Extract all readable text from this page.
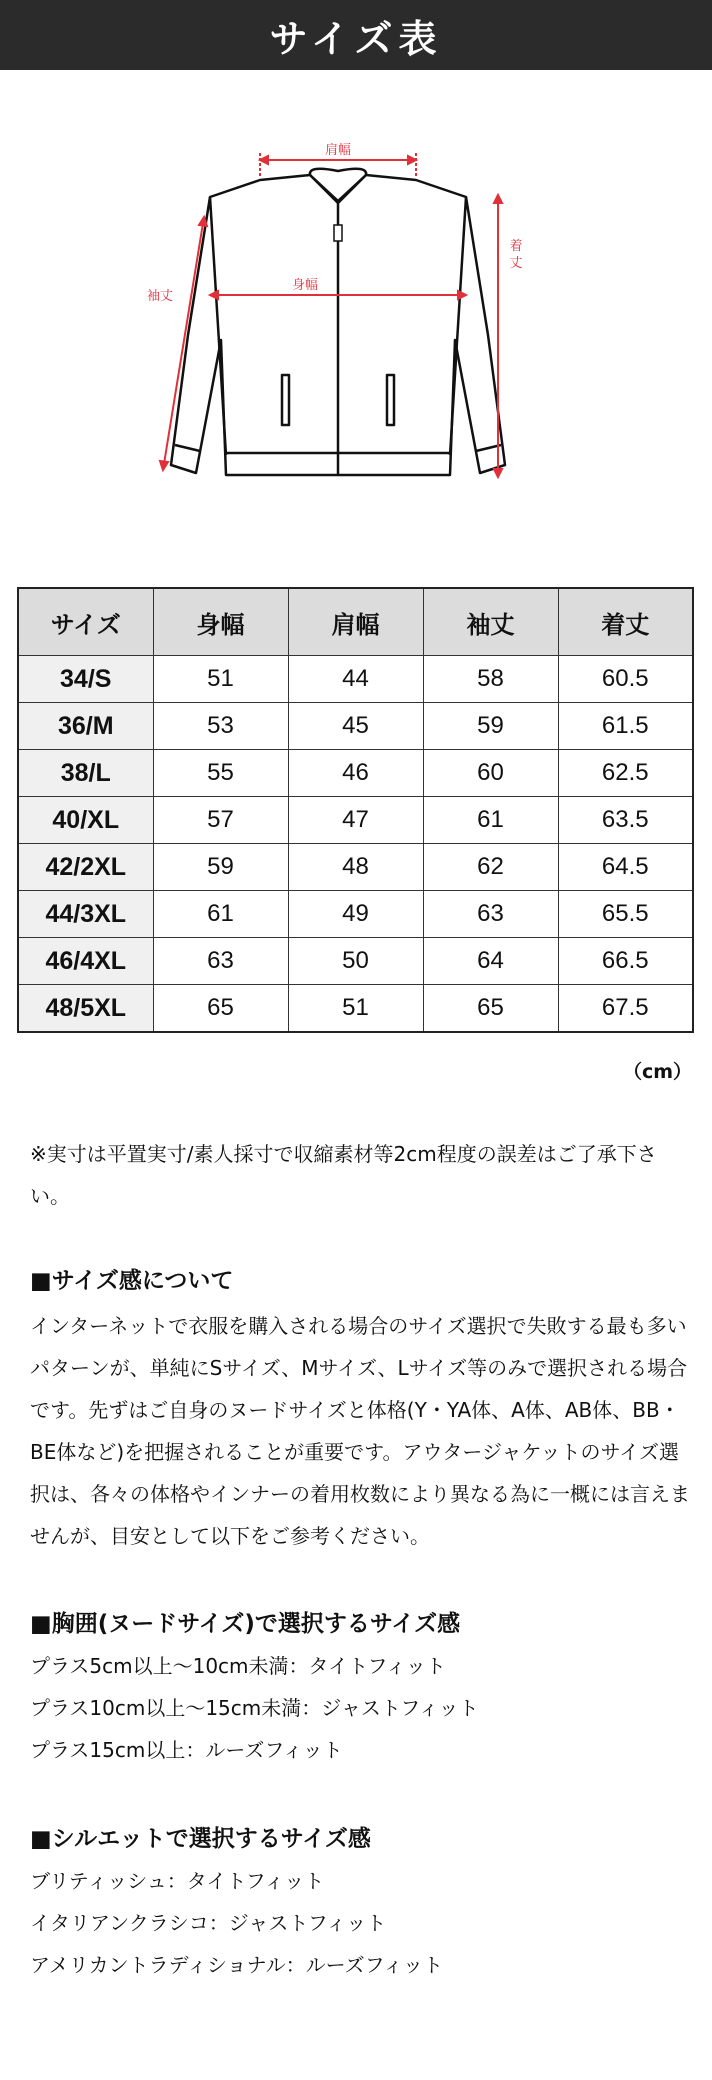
サイズ表
肩幅
身幅
袖丈
着丈
サイズ	身幅	肩幅	袖丈	着丈
34/S	51	44	58	60.5
36/M	53	45	59	61.5
38/L	55	46	60	62.5
40/XL	57	47	61	63.5
42/2XL	59	48	62	64.5
44/3XL	61	49	63	65.5
46/4XL	63	50	64	66.5
48/5XL	65	51	65	67.5
（cm）
※実寸は平置実寸/素人採寸で収縮素材等2cm程度の誤差はご了承下さい。
■サイズ感について
インターネットで衣服を購入される場合のサイズ選択で失敗する最も多いパターンが、単純にSサイズ、Mサイズ、Lサイズ等のみで選択される場合です。先ずはご自身のヌードサイズと体格(Y・YA体、A体、AB体、BB・BE体など)を把握されることが重要です。アウタージャケットのサイズ選択は、各々の体格やインナーの着用枚数により異なる為に一概には言えませんが、目安として以下をご参考ください。
■胸囲(ヌードサイズ)で選択するサイズ感
プラス5cm以上～10cm未満：タイトフィット
プラス10cm以上～15cm未満：ジャストフィット
プラス15cm以上：ルーズフィット
■シルエットで選択するサイズ感
ブリティッシュ：タイトフィット
イタリアンクラシコ：ジャストフィット
アメリカントラディショナル：ルーズフィット
